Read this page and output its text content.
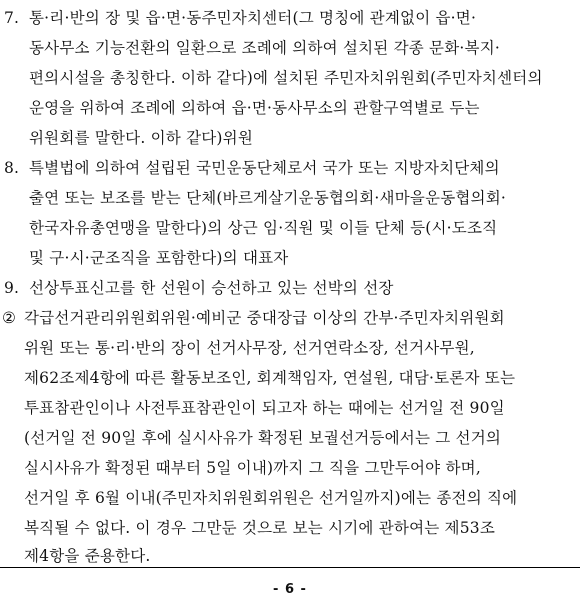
7. 통·리·반의 장 및 읍·면·동주민자치센터(그 명칭에 관계없이 읍·면·
동사무소 기능전환의 일환으로 조례에 의하여 설치된 각종 문화·복지·
편의시설을 총칭한다. 이하 같다)에 설치된 주민자치위원회(주민자치센터의
운영을 위하여 조례에 의하여 읍·면·동사무소의 관할구역별로 두는
위원회를 말한다. 이하 같다)위원
8. 특별법에 의하여 설립된 국민운동단체로서 국가 또는 지방자치단체의
출연 또는 보조를 받는 단체(바르게살기운동협의회·새마을운동협의회·
한국자유총연맹을 말한다)의 상근 임·직원 및 이들 단체 등(시·도조직
및 구·시·군조직을 포함한다)의 대표자
9. 선상투표신고를 한 선원이 승선하고 있는 선박의 선장
② 각급선거관리위원회위원·예비군 중대장급 이상의 간부·주민자치위원회
위원 또는 통·리·반의 장이 선거사무장, 선거연락소장, 선거사무원,
제62조제4항에 따른 활동보조인, 회계책임자, 연설원, 대담·토론자 또는
투표참관인이나 사전투표참관인이 되고자 하는 때에는 선거일 전 90일
(선거일 전 90일 후에 실시사유가 확정된 보궐선거등에서는 그 선거의
실시사유가 확정된 때부터 5일 이내)까지 그 직을 그만두어야 하며,
선거일 후 6월 이내(주민자치위원회위원은 선거일까지)에는 종전의 직에
복직될 수 없다. 이 경우 그만둔 것으로 보는 시기에 관하여는 제53조
제4항을 준용한다.
- 6 -
